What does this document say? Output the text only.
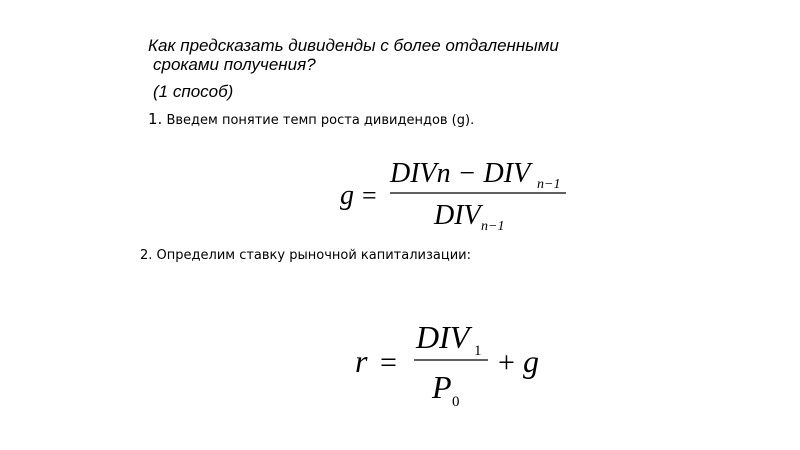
Как предсказать дивиденды с более отдаленными
сроками получения?
(1 способ)
1. Введем понятие темп роста дивидендов (g).
g =
DIVn − DIV n−1
DIV n−1
2. Определим ставку рыночной капитализации:
r =
DIV 1
P 0
+ g
